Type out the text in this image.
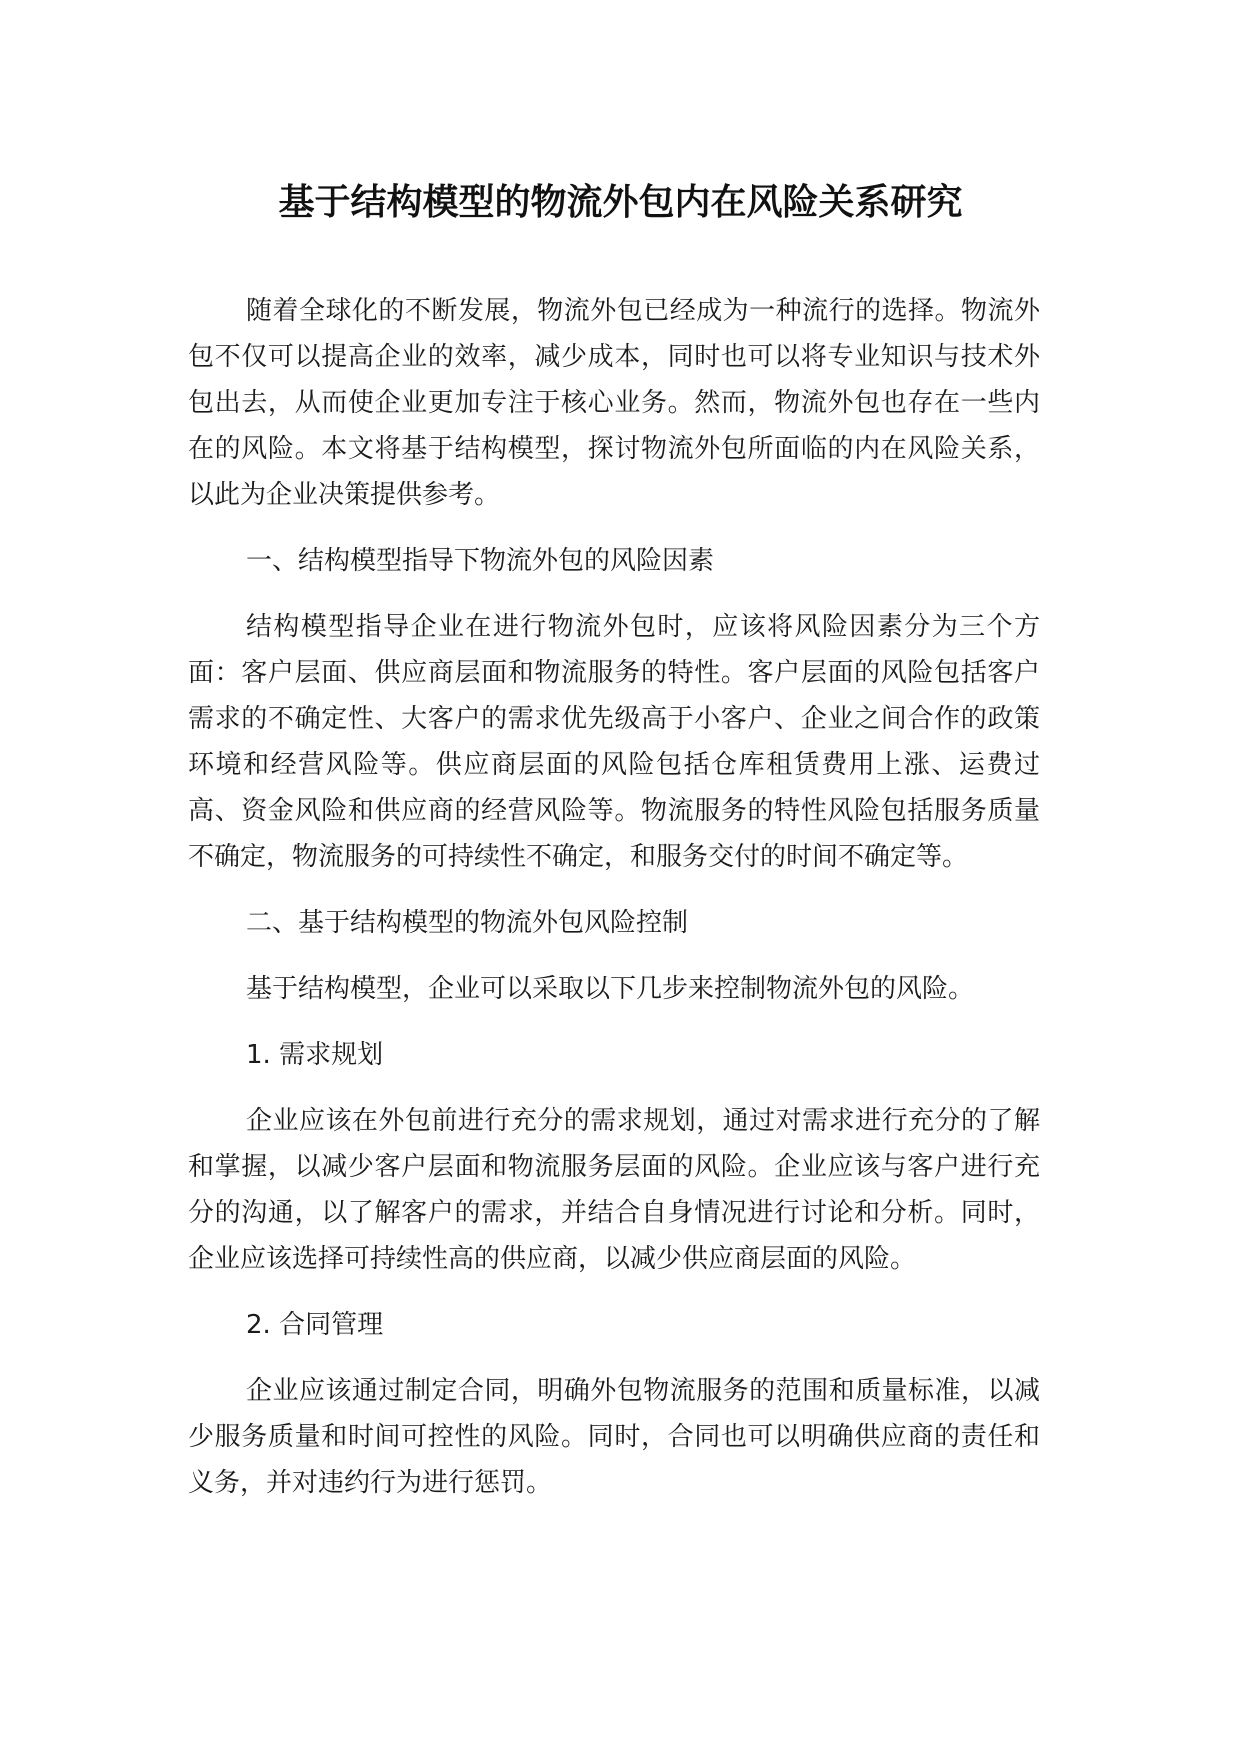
基于结构模型的物流外包内在风险关系研究

随着全球化的不断发展，物流外包已经成为一种流行的选择。物流外包不仅可以提高企业的效率，减少成本，同时也可以将专业知识与技术外包出去，从而使企业更加专注于核心业务。然而，物流外包也存在一些内在的风险。本文将基于结构模型，探讨物流外包所面临的内在风险关系，以此为企业决策提供参考。

一、结构模型指导下物流外包的风险因素

结构模型指导企业在进行物流外包时，应该将风险因素分为三个方面：客户层面、供应商层面和物流服务的特性。客户层面的风险包括客户需求的不确定性、大客户的需求优先级高于小客户、企业之间合作的政策环境和经营风险等。供应商层面的风险包括仓库租赁费用上涨、运费过高、资金风险和供应商的经营风险等。物流服务的特性风险包括服务质量不确定，物流服务的可持续性不确定，和服务交付的时间不确定等。

二、基于结构模型的物流外包风险控制

基于结构模型，企业可以采取以下几步来控制物流外包的风险。

1. 需求规划

企业应该在外包前进行充分的需求规划，通过对需求进行充分的了解和掌握，以减少客户层面和物流服务层面的风险。企业应该与客户进行充分的沟通，以了解客户的需求，并结合自身情况进行讨论和分析。同时，企业应该选择可持续性高的供应商，以减少供应商层面的风险。

2. 合同管理

企业应该通过制定合同，明确外包物流服务的范围和质量标准，以减少服务质量和时间可控性的风险。同时，合同也可以明确供应商的责任和义务，并对违约行为进行惩罚。
